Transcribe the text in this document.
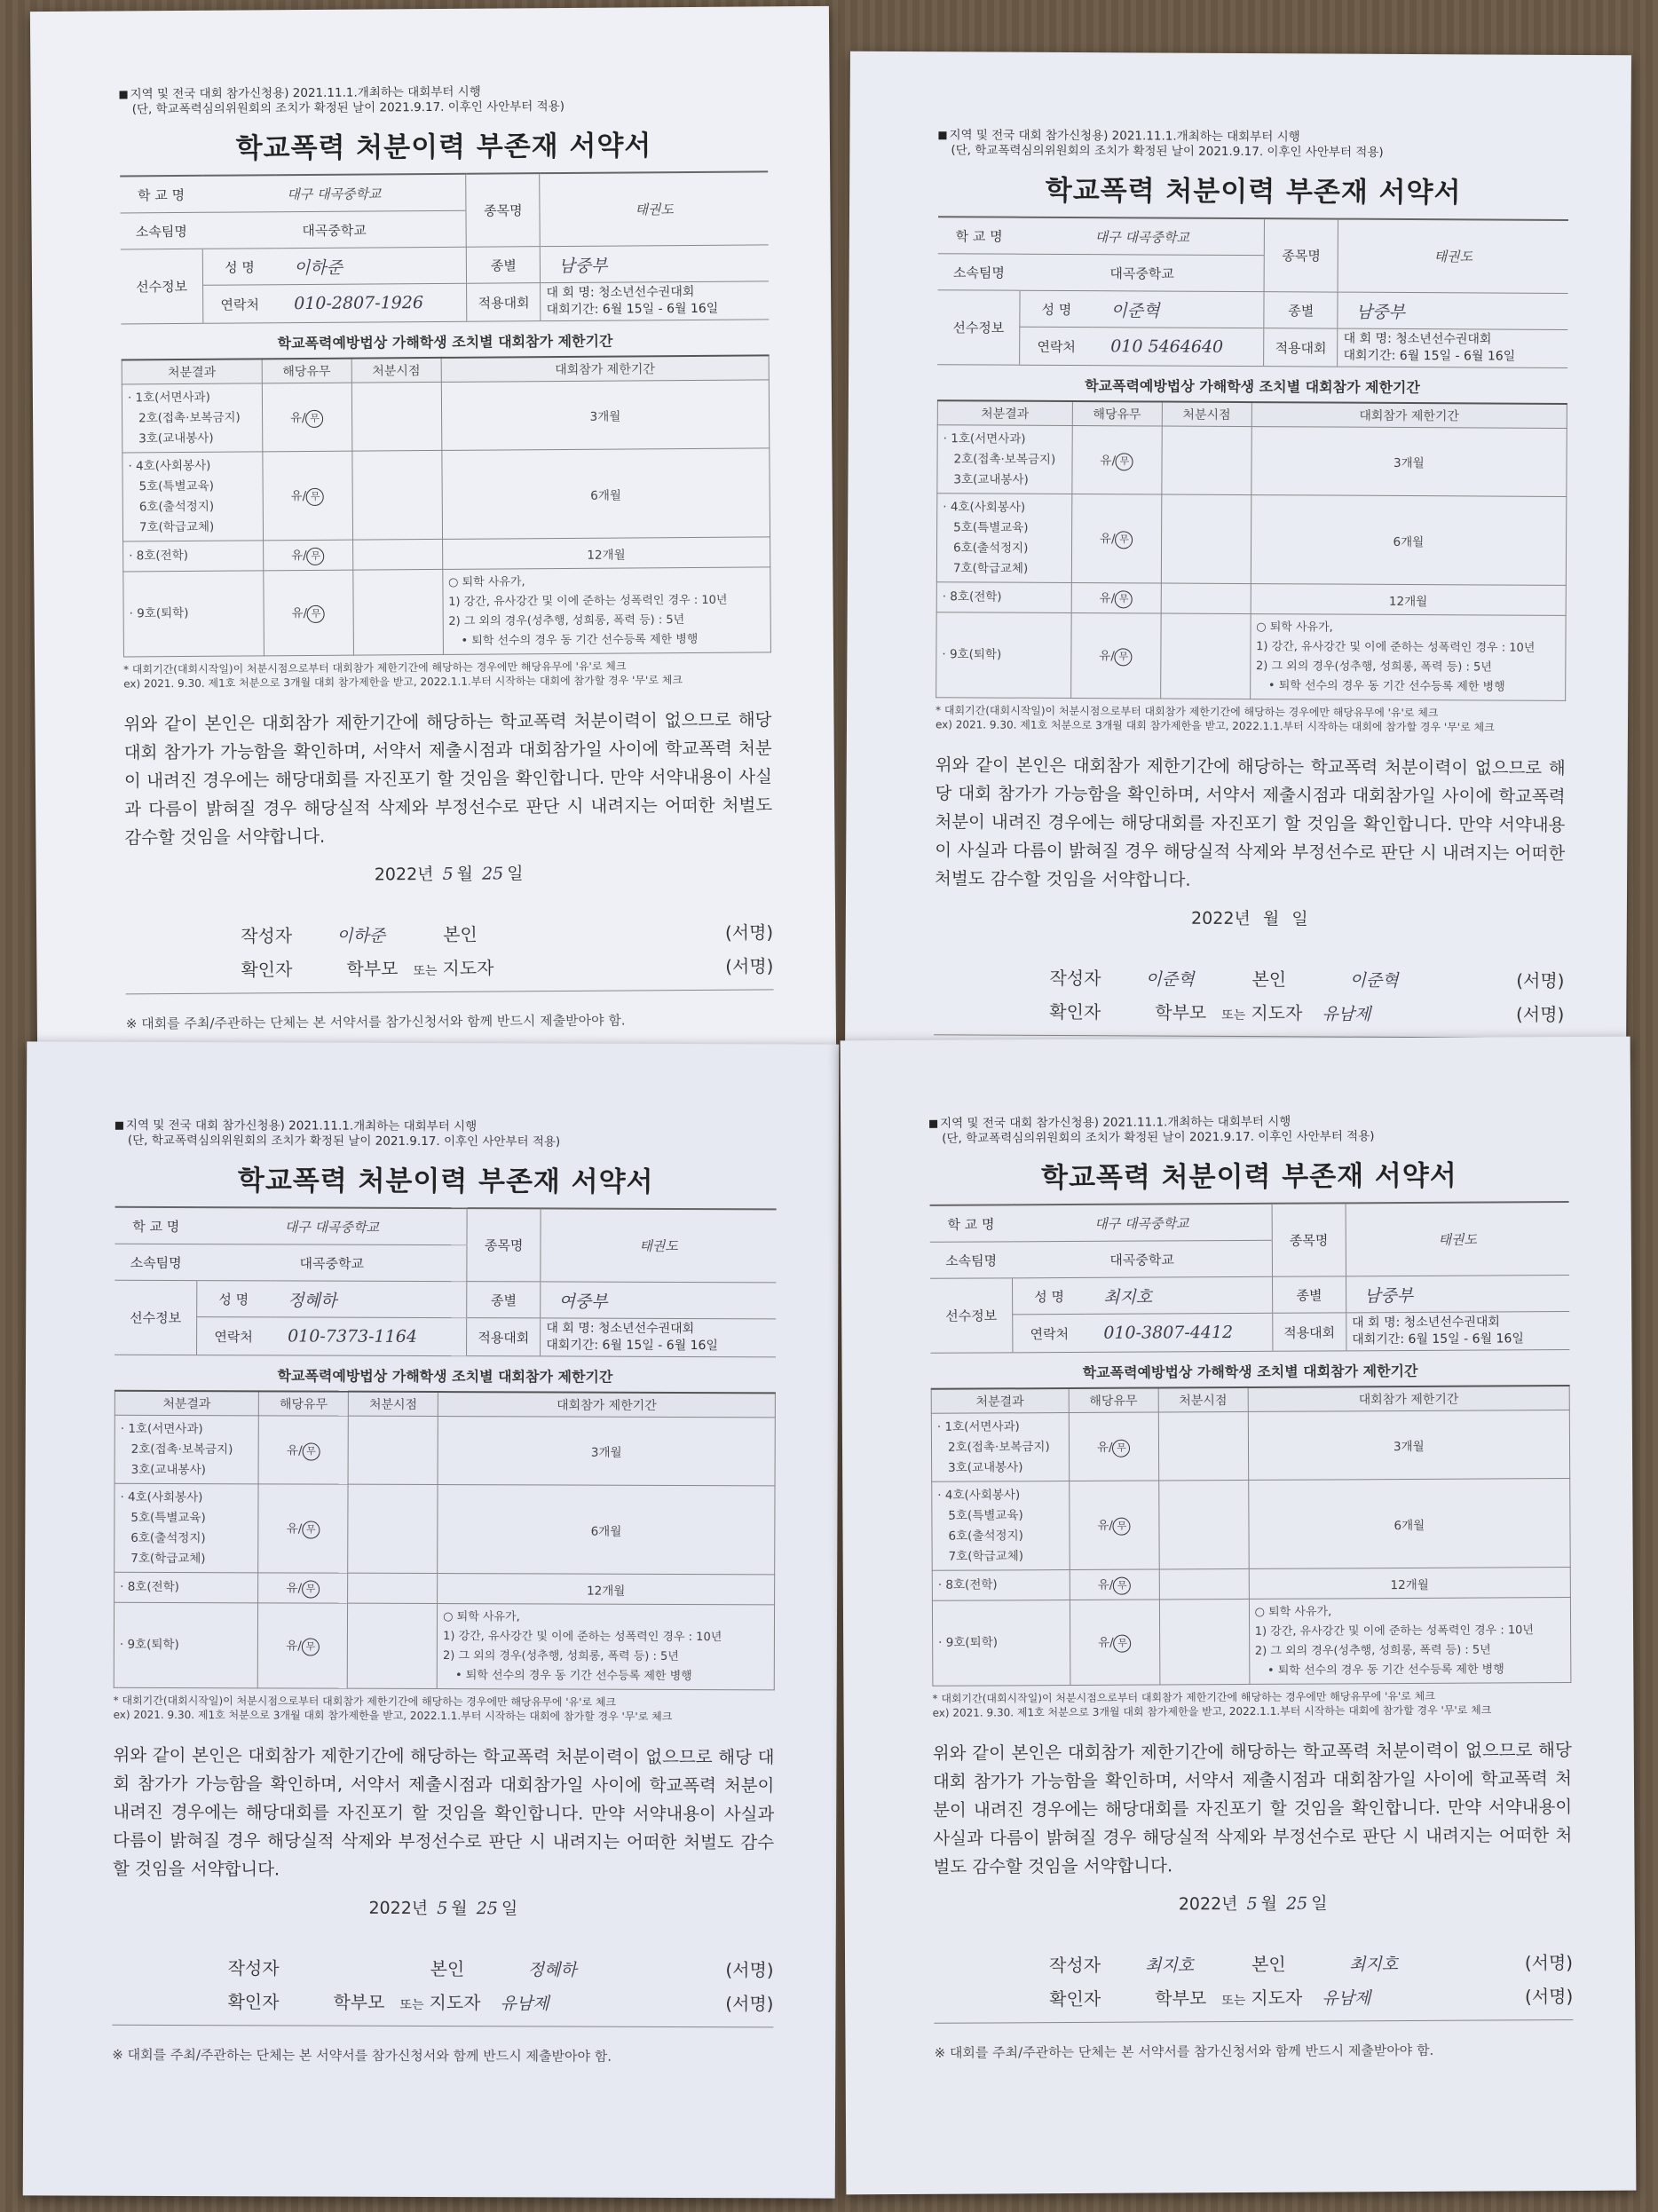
지역 및 전국 대회 참가신청용) 2021.11.1.개최하는 대회부터 시행
(단, 학교폭력심의위원회의 조치가 확정된 날이 2021.9.17. 이후인 사안부터 적용)
학교폭력 처분이력 부존재 서약서
학 교 명	대구 대곡중학교		종목명	태권도
소속팀명	대곡중학교			
선수정보	성 명	이하준	종별	남중부
	연락처	010-2807-1926	적용대회	대 회 명: 청소년선수권대회
대회기간: 6월 15일 - 6월 16일
학교폭력예방법상 가해학생 조치별 대회참가 제한기간
처분결과	해당유무	처분시점	대회참가 제한기간

· 1호(서면사과)
2호(접촉·보복금지)
3호(교내봉사)	유/ 무		3개월

· 4호(사회봉사)
5호(특별교육)
6호(출석정지)
7호(학급교체)	유/ 무		6개월

· 8호(전학)	유/ 무		12개월

· 9호(퇴학)	유/ 무		○ 퇴학 사유가,
1) 강간, 유사강간 및 이에 준하는 성폭력인 경우 : 10년
2) 그 외의 경우(성추행, 성희롱, 폭력 등) : 5년
• 퇴학 선수의 경우 동 기간 선수등록 제한 병행
* 대회기간(대회시작일)이 처분시점으로부터 대회참가 제한기간에 해당하는 경우에만 해당유무에 '유'로 체크
ex) 2021. 9.30. 제1호 처분으로 3개월 대회 참가제한을 받고, 2022.1.1.부터 시작하는 대회에 참가할 경우 '무'로 체크
위와 같이 본인은 대회참가 제한기간에 해당하는 학교폭력 처분이력이 없으므로 해당 대회 참가가 가능함을 확인하며, 서약서 제출시점과 대회참가일 사이에 학교폭력 처분이 내려진 경우에는 해당대회를 자진포기 할 것임을 확인합니다. 만약 서약내용이 사실과 다름이 밝혀질 경우 해당실적 삭제와 부정선수로 판단 시 내려지는 어떠한 처벌도 감수할 것임을 서약합니다.
2022년 5 월 25 일
작성자	이하준	본인	(서명)
확인자	학부모	또는 지도자	(서명)
※ 대회를 주최/주관하는 단체는 본 서약서를 참가신청서와 함께 반드시 제출받아야 함.
지역 및 전국 대회 참가신청용) 2021.11.1.개최하는 대회부터 시행
(단, 학교폭력심의위원회의 조치가 확정된 날이 2021.9.17. 이후인 사안부터 적용)
학교폭력 처분이력 부존재 서약서
학 교 명	대구 대곡중학교		종목명	태권도
소속팀명	대곡중학교			
선수정보	성 명	이준혁	종별	남중부
	연락처	010 5464640	적용대회	대 회 명: 청소년선수권대회
대회기간: 6월 15일 - 6월 16일
학교폭력예방법상 가해학생 조치별 대회참가 제한기간
처분결과	해당유무	처분시점	대회참가 제한기간

· 1호(서면사과)
2호(접촉·보복금지)
3호(교내봉사)	유/ 무		3개월

· 4호(사회봉사)
5호(특별교육)
6호(출석정지)
7호(학급교체)	유/ 무		6개월

· 8호(전학)	유/ 무		12개월

· 9호(퇴학)	유/ 무		○ 퇴학 사유가,
1) 강간, 유사강간 및 이에 준하는 성폭력인 경우 : 10년
2) 그 외의 경우(성추행, 성희롱, 폭력 등) : 5년
• 퇴학 선수의 경우 동 기간 선수등록 제한 병행
* 대회기간(대회시작일)이 처분시점으로부터 대회참가 제한기간에 해당하는 경우에만 해당유무에 '유'로 체크
ex) 2021. 9.30. 제1호 처분으로 3개월 대회 참가제한을 받고, 2022.1.1.부터 시작하는 대회에 참가할 경우 '무'로 체크
위와 같이 본인은 대회참가 제한기간에 해당하는 학교폭력 처분이력이 없으므로 해당 대회 참가가 가능함을 확인하며, 서약서 제출시점과 대회참가일 사이에 학교폭력 처분이 내려진 경우에는 해당대회를 자진포기 할 것임을 확인합니다. 만약 서약내용이 사실과 다름이 밝혀질 경우 해당실적 삭제와 부정선수로 판단 시 내려지는 어떠한 처벌도 감수할 것임을 서약합니다.
2022년 월 일
작성자	이준혁	본인	이준혁	(서명)
확인자	학부모	또는 지도자	유남제	(서명)
지역 및 전국 대회 참가신청용) 2021.11.1.개최하는 대회부터 시행
(단, 학교폭력심의위원회의 조치가 확정된 날이 2021.9.17. 이후인 사안부터 적용)
학교폭력 처분이력 부존재 서약서
학 교 명	대구 대곡중학교		종목명	태권도
소속팀명	대곡중학교			
선수정보	성 명	정혜하	종별	여중부
	연락처	010-7373-1164	적용대회	대 회 명: 청소년선수권대회
대회기간: 6월 15일 - 6월 16일
학교폭력예방법상 가해학생 조치별 대회참가 제한기간
처분결과	해당유무	처분시점	대회참가 제한기간

· 1호(서면사과)
2호(접촉·보복금지)
3호(교내봉사)	유/ 무		3개월

· 4호(사회봉사)
5호(특별교육)
6호(출석정지)
7호(학급교체)	유/ 무		6개월

· 8호(전학)	유/ 무		12개월

· 9호(퇴학)	유/ 무		○ 퇴학 사유가,
1) 강간, 유사강간 및 이에 준하는 성폭력인 경우 : 10년
2) 그 외의 경우(성추행, 성희롱, 폭력 등) : 5년
• 퇴학 선수의 경우 동 기간 선수등록 제한 병행
* 대회기간(대회시작일)이 처분시점으로부터 대회참가 제한기간에 해당하는 경우에만 해당유무에 '유'로 체크
ex) 2021. 9.30. 제1호 처분으로 3개월 대회 참가제한을 받고, 2022.1.1.부터 시작하는 대회에 참가할 경우 '무'로 체크
위와 같이 본인은 대회참가 제한기간에 해당하는 학교폭력 처분이력이 없으므로 해당 대회 참가가 가능함을 확인하며, 서약서 제출시점과 대회참가일 사이에 학교폭력 처분이 내려진 경우에는 해당대회를 자진포기 할 것임을 확인합니다. 만약 서약내용이 사실과 다름이 밝혀질 경우 해당실적 삭제와 부정선수로 판단 시 내려지는 어떠한 처벌도 감수할 것임을 서약합니다.
2022년 5 월 25 일
작성자	본인	정혜하	(서명)
확인자	학부모	또는 지도자	유남제	(서명)
※ 대회를 주최/주관하는 단체는 본 서약서를 참가신청서와 함께 반드시 제출받아야 함.
지역 및 전국 대회 참가신청용) 2021.11.1.개최하는 대회부터 시행
(단, 학교폭력심의위원회의 조치가 확정된 날이 2021.9.17. 이후인 사안부터 적용)
학교폭력 처분이력 부존재 서약서
학 교 명	대구 대곡중학교		종목명	태권도
소속팀명	대곡중학교			
선수정보	성 명	최지호	종별	남중부
	연락처	010-3807-4412	적용대회	대 회 명: 청소년선수권대회
대회기간: 6월 15일 - 6월 16일
학교폭력예방법상 가해학생 조치별 대회참가 제한기간
처분결과	해당유무	처분시점	대회참가 제한기간

· 1호(서면사과)
2호(접촉·보복금지)
3호(교내봉사)	유/ 무		3개월

· 4호(사회봉사)
5호(특별교육)
6호(출석정지)
7호(학급교체)	유/ 무		6개월

· 8호(전학)	유/ 무		12개월

· 9호(퇴학)	유/ 무		○ 퇴학 사유가,
1) 강간, 유사강간 및 이에 준하는 성폭력인 경우 : 10년
2) 그 외의 경우(성추행, 성희롱, 폭력 등) : 5년
• 퇴학 선수의 경우 동 기간 선수등록 제한 병행
* 대회기간(대회시작일)이 처분시점으로부터 대회참가 제한기간에 해당하는 경우에만 해당유무에 '유'로 체크
ex) 2021. 9.30. 제1호 처분으로 3개월 대회 참가제한을 받고, 2022.1.1.부터 시작하는 대회에 참가할 경우 '무'로 체크
위와 같이 본인은 대회참가 제한기간에 해당하는 학교폭력 처분이력이 없으므로 해당 대회 참가가 가능함을 확인하며, 서약서 제출시점과 대회참가일 사이에 학교폭력 처분이 내려진 경우에는 해당대회를 자진포기 할 것임을 확인합니다. 만약 서약내용이 사실과 다름이 밝혀질 경우 해당실적 삭제와 부정선수로 판단 시 내려지는 어떠한 처벌도 감수할 것임을 서약합니다.
2022년 5 월 25 일
작성자	최지호	본인	최지호	(서명)
확인자	학부모	또는 지도자	유남제	(서명)
※ 대회를 주최/주관하는 단체는 본 서약서를 참가신청서와 함께 반드시 제출받아야 함.
